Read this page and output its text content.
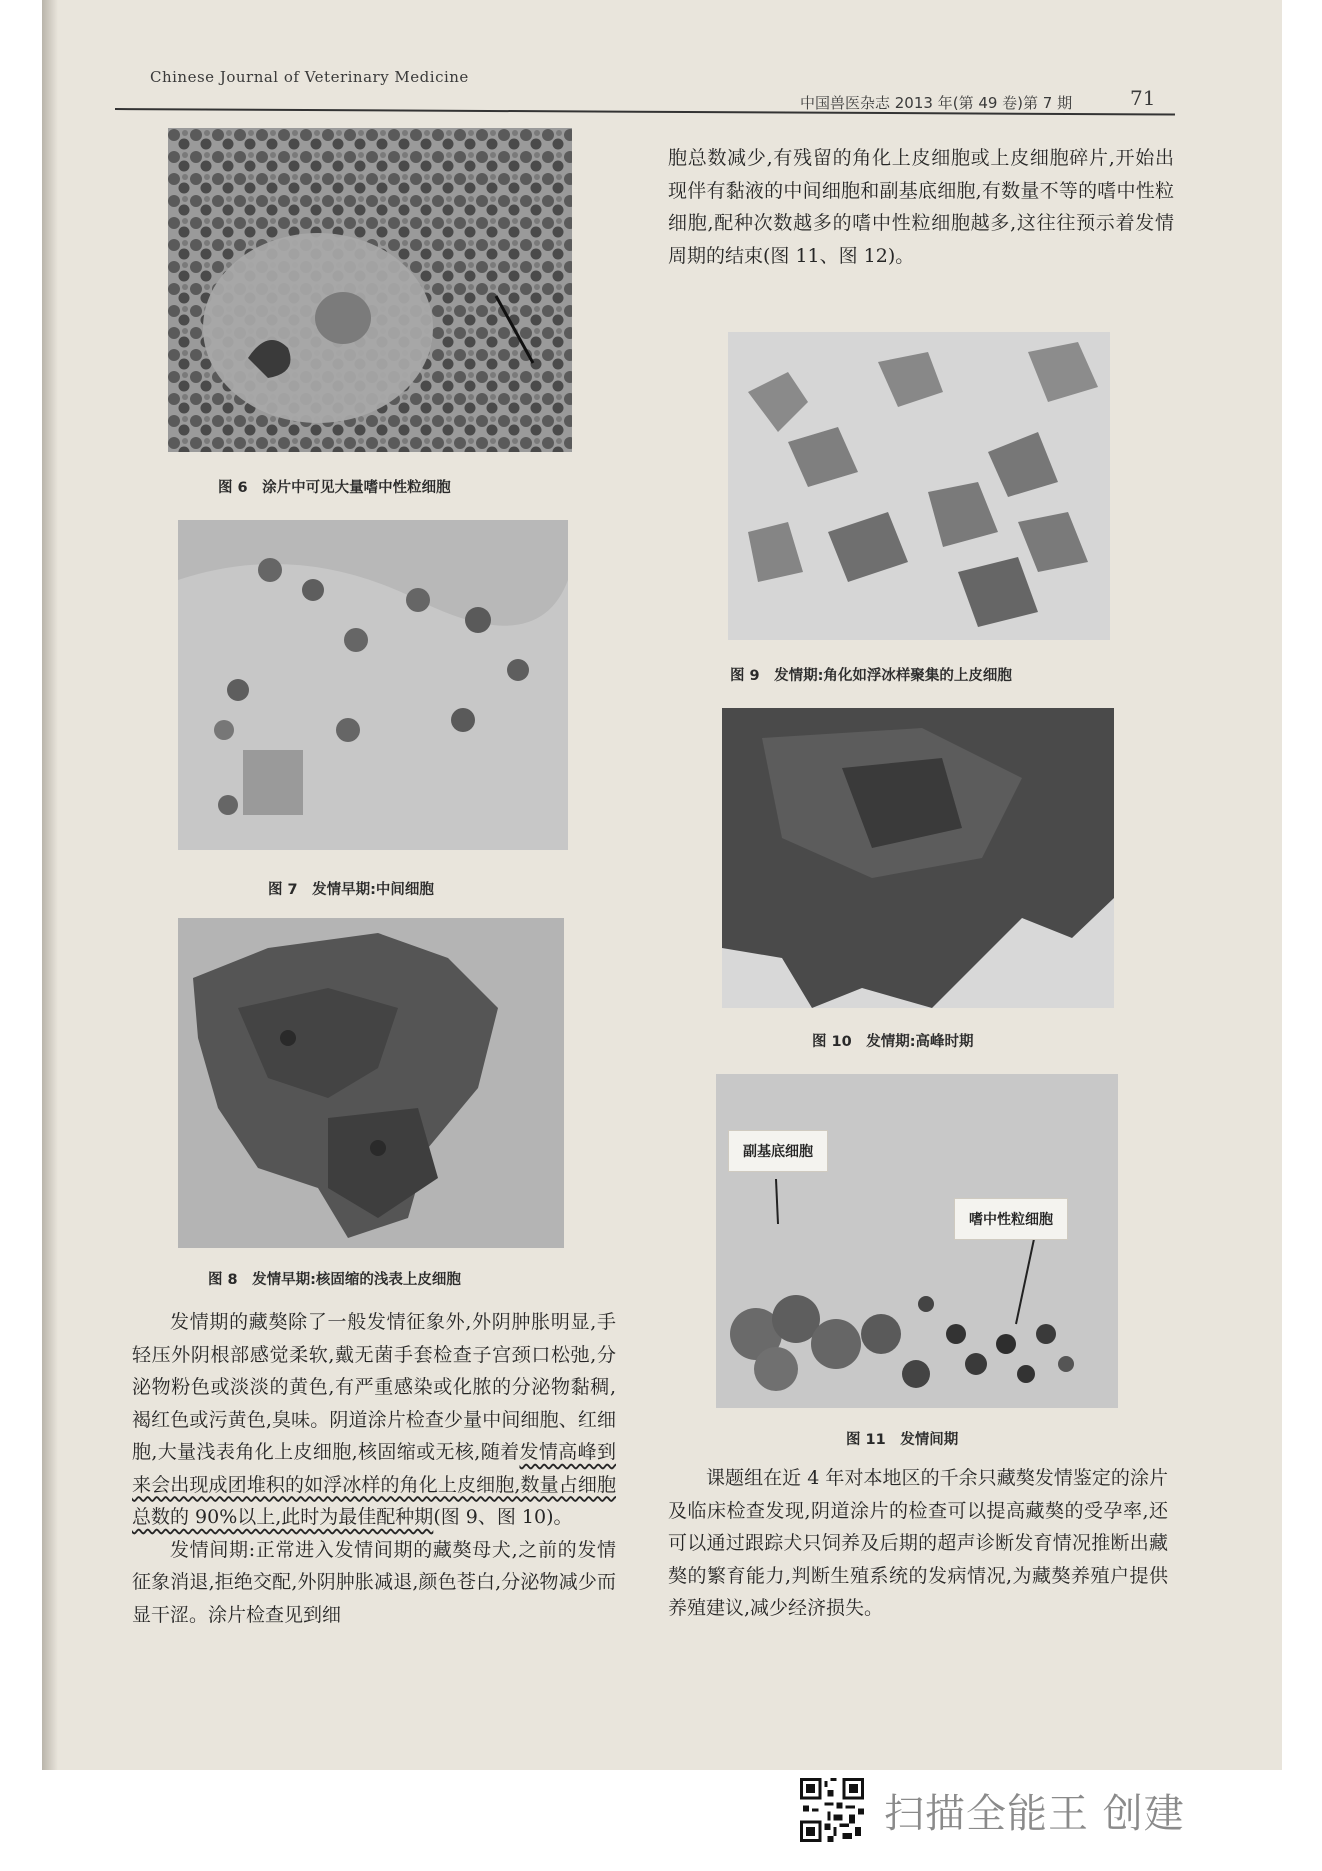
Chinese Journal of Veterinary Medicine
中国兽医杂志 2013 年(第 49 卷)第 7 期	71
图 6　涂片中可见大量嗜中性粒细胞
图 7　发情早期:中间细胞
图 8　发情早期:核固缩的浅表上皮细胞

发情期的藏獒除了一般发情征象外,外阴肿胀明显,手轻压外阴根部感觉柔软,戴无菌手套检查子宫颈口松弛,分泌物粉色或淡淡的黄色,有严重感染或化脓的分泌物黏稠,褐红色或污黄色,臭味。阴道涂片检查少量中间细胞、红细胞,大量浅表角化上皮细胞,核固缩或无核,随着发情高峰到来会出现成团堆积的如浮冰样的角化上皮细胞,数量占细胞总数的 90%以上,此时为最佳配种期(图 9、图 10)。

发情间期:正常进入发情间期的藏獒母犬,之前的发情征象消退,拒绝交配,外阴肿胀减退,颜色苍白,分泌物减少而显干涩。涂片检查见到细

胞总数减少,有残留的角化上皮细胞或上皮细胞碎片,开始出现伴有黏液的中间细胞和副基底细胞,有数量不等的嗜中性粒细胞,配种次数越多的嗜中性粒细胞越多,这往往预示着发情周期的结束(图 11、图 12)。

图 9　发情期:角化如浮冰样聚集的上皮细胞
图 10　发情期:高峰时期
副基底细胞
嗜中性粒细胞
图 11　发情间期

课题组在近 4 年对本地区的千余只藏獒发情鉴定的涂片及临床检查发现,阴道涂片的检查可以提高藏獒的受孕率,还可以通过跟踪犬只饲养及后期的超声诊断发育情况推断出藏獒的繁育能力,判断生殖系统的发病情况,为藏獒养殖户提供养殖建议,减少经济损失。

扫描全能王 创建
